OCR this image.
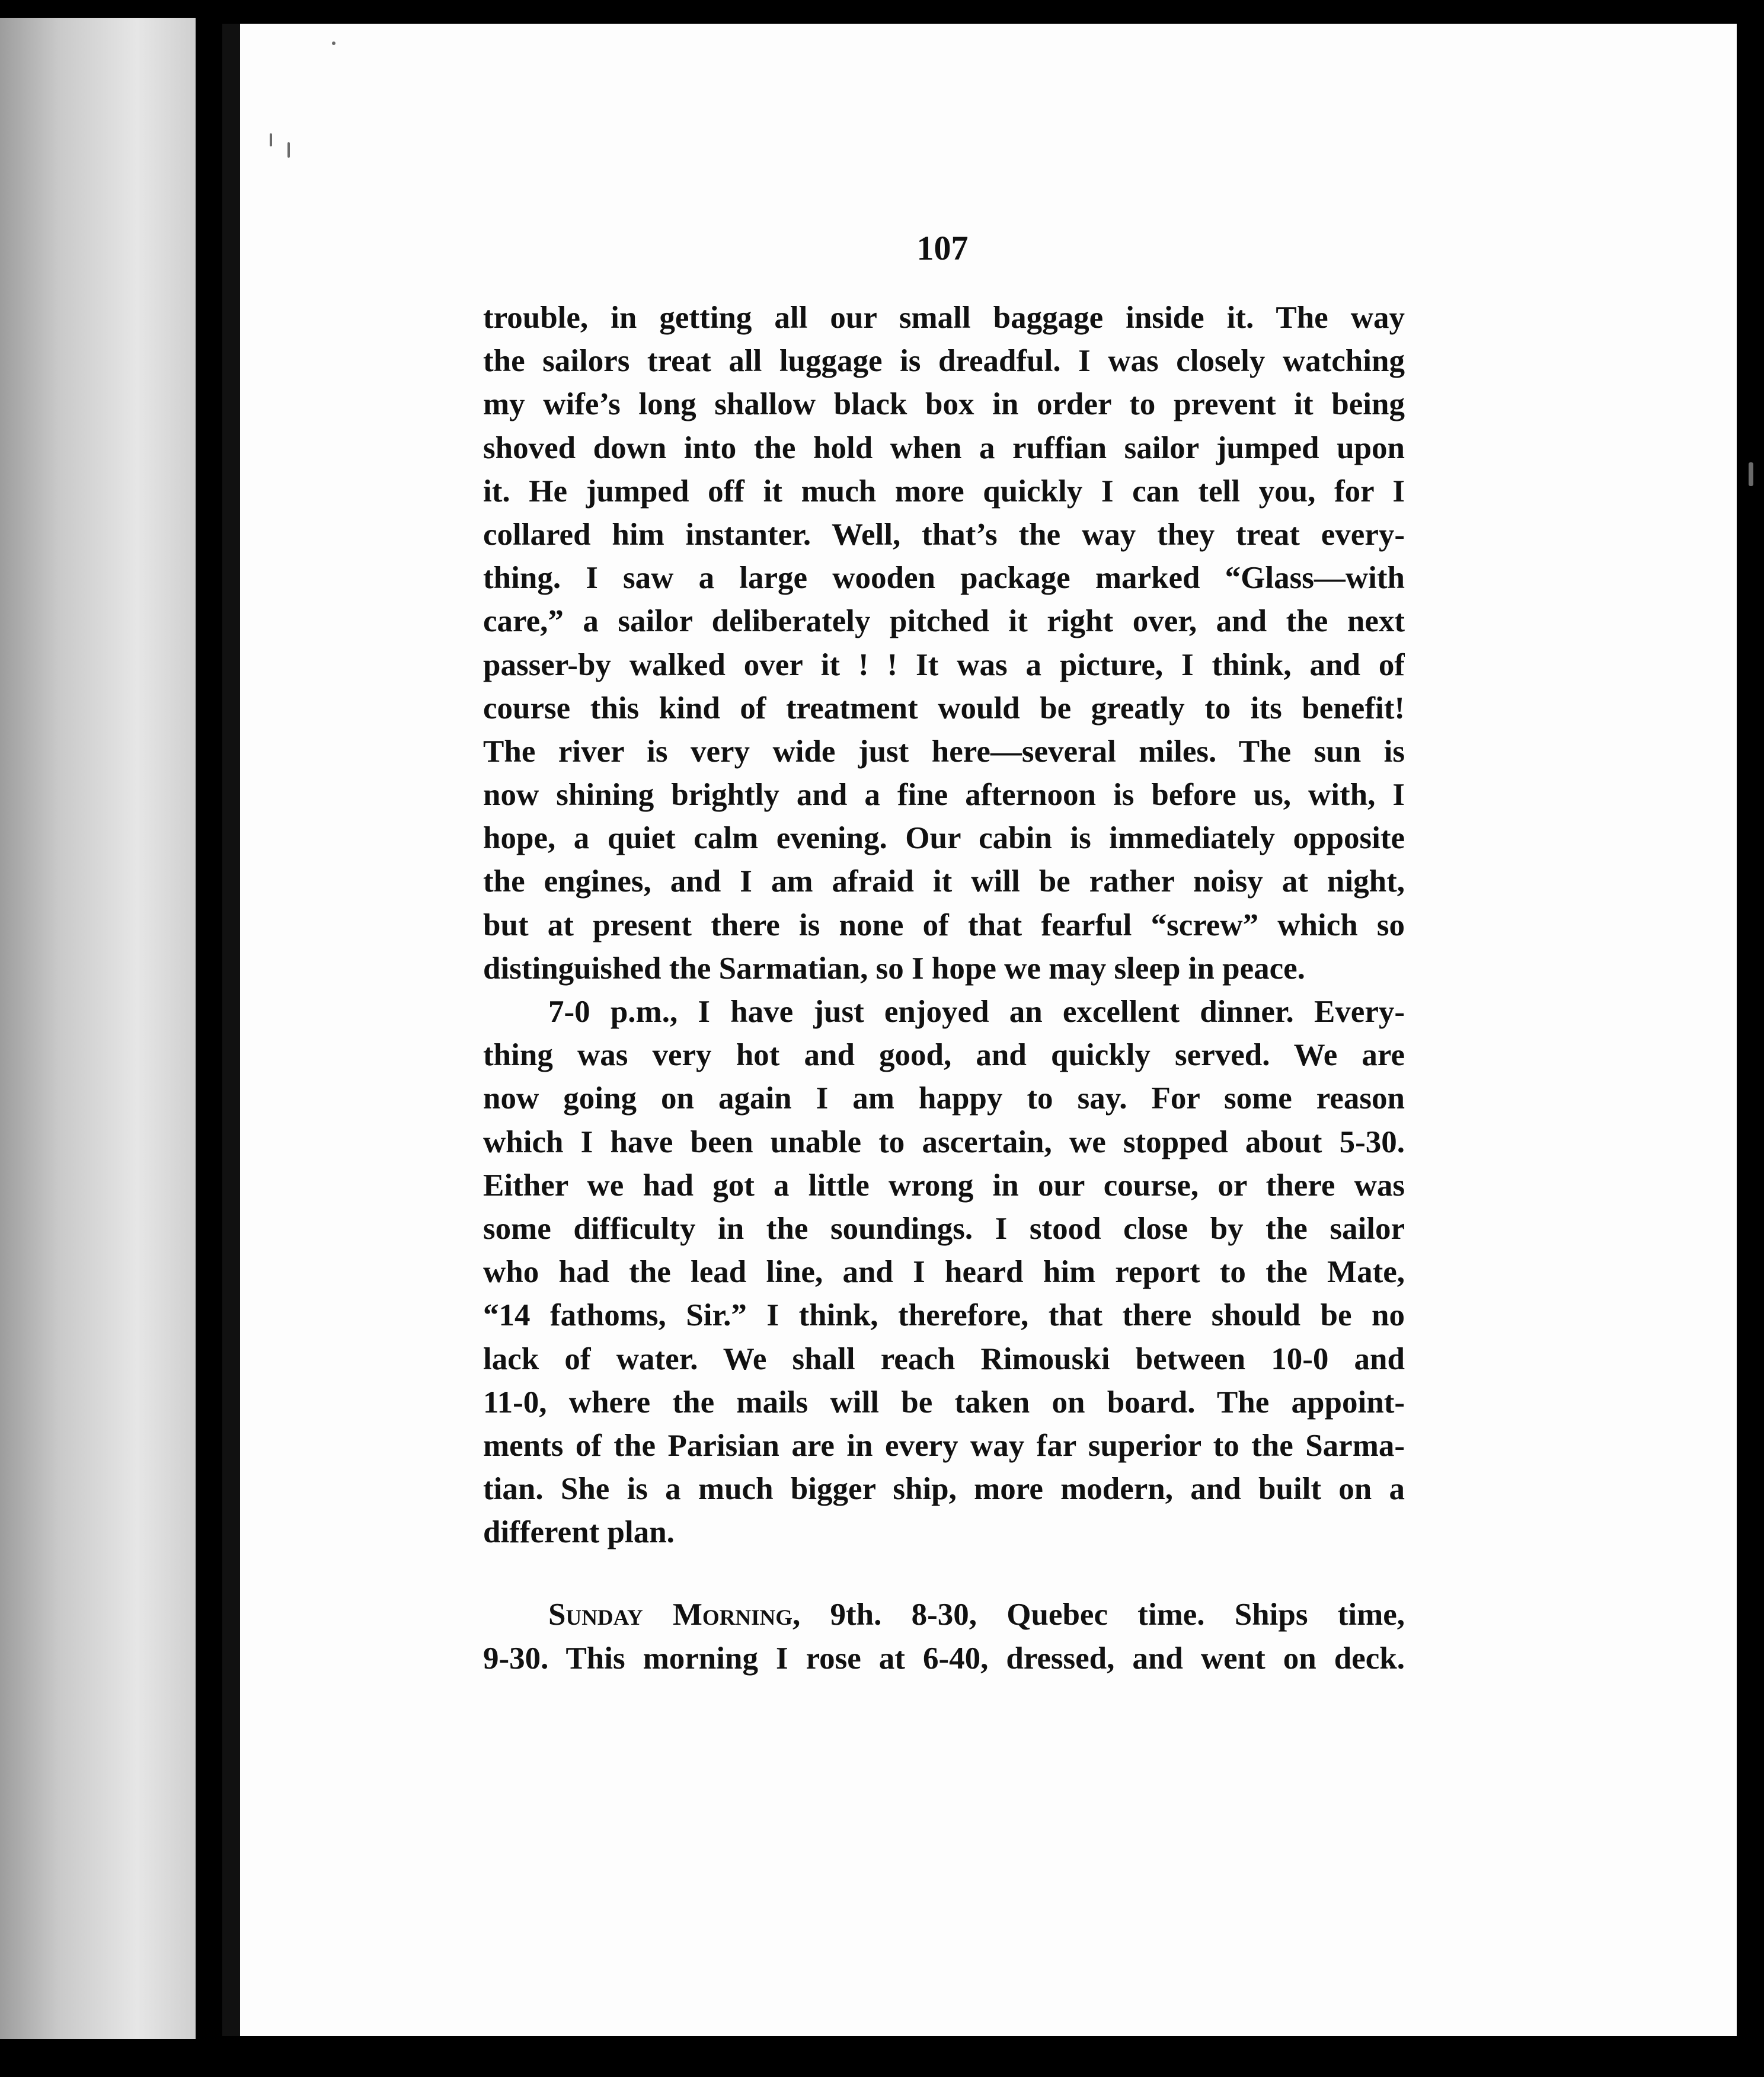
107
trouble, in getting all our small baggage inside it. The way
the sailors treat all luggage is dreadful. I was closely watching
my wife’s long shallow black box in order to prevent it being
shoved down into the hold when a ruffian sailor jumped upon
it. He jumped off it much more quickly I can tell you, for I
collared him instanter. Well, that’s the way they treat every-
thing. I saw a large wooden package marked “Glass—with
care,” a sailor deliberately pitched it right over, and the next
passer-by walked over it ! ! It was a picture, I think, and of
course this kind of treatment would be greatly to its benefit!
The river is very wide just here—several miles. The sun is
now shining brightly and a fine afternoon is before us, with, I
hope, a quiet calm evening. Our cabin is immediately opposite
the engines, and I am afraid it will be rather noisy at night,
but at present there is none of that fearful “screw” which so
distinguished the Sarmatian, so I hope we may sleep in peace.
7-0 p.m., I have just enjoyed an excellent dinner. Every-
thing was very hot and good, and quickly served. We are
now going on again I am happy to say. For some reason
which I have been unable to ascertain, we stopped about 5-30.
Either we had got a little wrong in our course, or there was
some difficulty in the soundings. I stood close by the sailor
who had the lead line, and I heard him report to the Mate,
“14 fathoms, Sir.” I think, therefore, that there should be no
lack of water. We shall reach Rimouski between 10-0 and
11-0, where the mails will be taken on board. The appoint-
ments of the Parisian are in every way far superior to the Sarma-
tian. She is a much bigger ship, more modern, and built on a
different plan.
Sunday Morning, 9th. 8-30, Quebec time. Ships time,
9-30. This morning I rose at 6-40, dressed, and went on deck.
